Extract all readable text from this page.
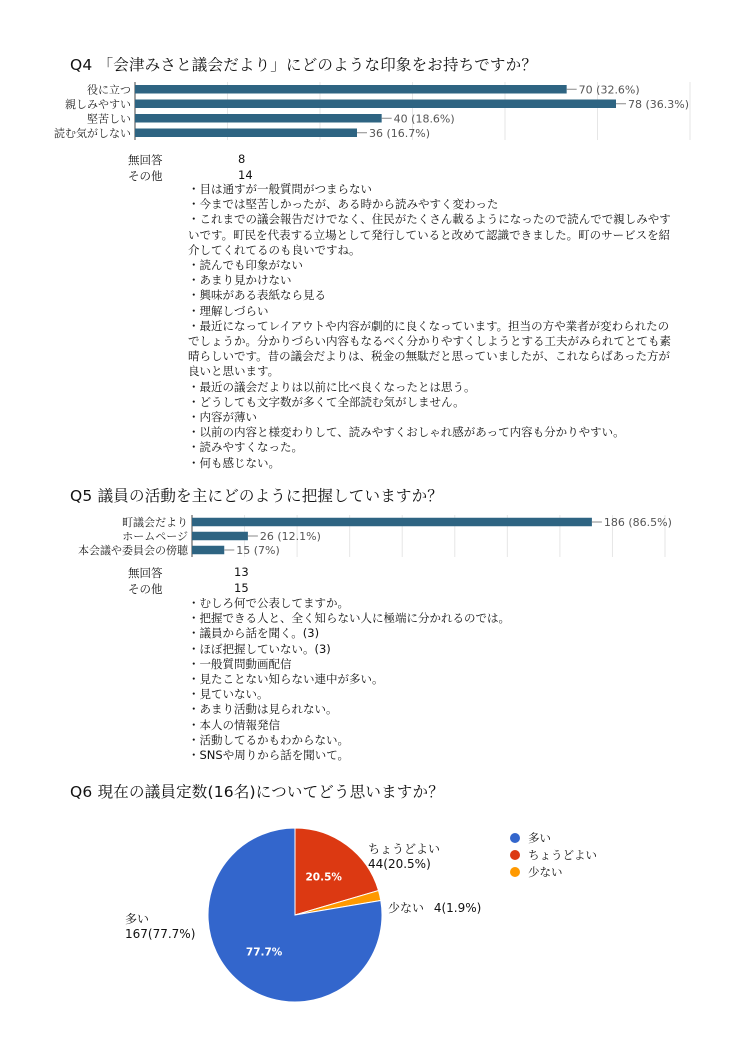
Q4 「会津みさと議会だより」にどのような印象をお持ちですか？
役に立つ	70 (32.6%)
親しみやすい	78 (36.3%)
堅苦しい	40 (18.6%)
読む気がしない	36 (16.7%)
無回答	8
その他	14
・目は通すが一般質問がつまらない
・今までは堅苦しかったが、ある時から読みやすく変わった
・これまでの議会報告だけでなく、住民がたくさん載るようになったので読んでで親しみやすいです。町民を代表する立場として発行していると改めて認識できました。町のサービスを紹介してくれてるのも良いですね。
・読んでも印象がない
・あまり見かけない
・興味がある表紙なら見る
・理解しづらい
・最近になってレイアウトや内容が劇的に良くなっています。担当の方や業者が変わられたのでしょうか。分かりづらい内容もなるべく分かりやすくしようとする工夫がみられてとても素晴らしいです。昔の議会だよりは、税金の無駄だと思っていましたが、これならばあった方が良いと思います。
・最近の議会だよりは以前に比べ良くなったとは思う。
・どうしても文字数が多くて全部読む気がしません。
・内容が薄い
・以前の内容と様変わりして、読みやすくおしゃれ感があって内容も分かりやすい。
・読みやすくなった。
・何も感じない。
Q5 議員の活動を主にどのように把握していますか？
町議会だより	186 (86.5%)
ホームページ	26 (12.1%)
本会議や委員会の傍聴	15 (7%)
無回答	13
その他	15
・むしろ何で公表してますか。
・把握できる人と、全く知らない人に極端に分かれるのでは。
・議員から話を聞く。(3)
・ほぼ把握していない。(3)
・一般質問動画配信
・見たことない知らない連中が多い。
・見ていない。
・あまり活動は見られない。
・本人の情報発信
・活動してるかもわからない。
・SNSや周りから話を聞いて。
Q6 現在の議員定数(16名)についてどう思いますか？
77.7%
20.5%
ちょうどよい
44(20.5%)
少ない 4(1.9%)
多い
167(77.7%)
多い
ちょうどよい
少ない
